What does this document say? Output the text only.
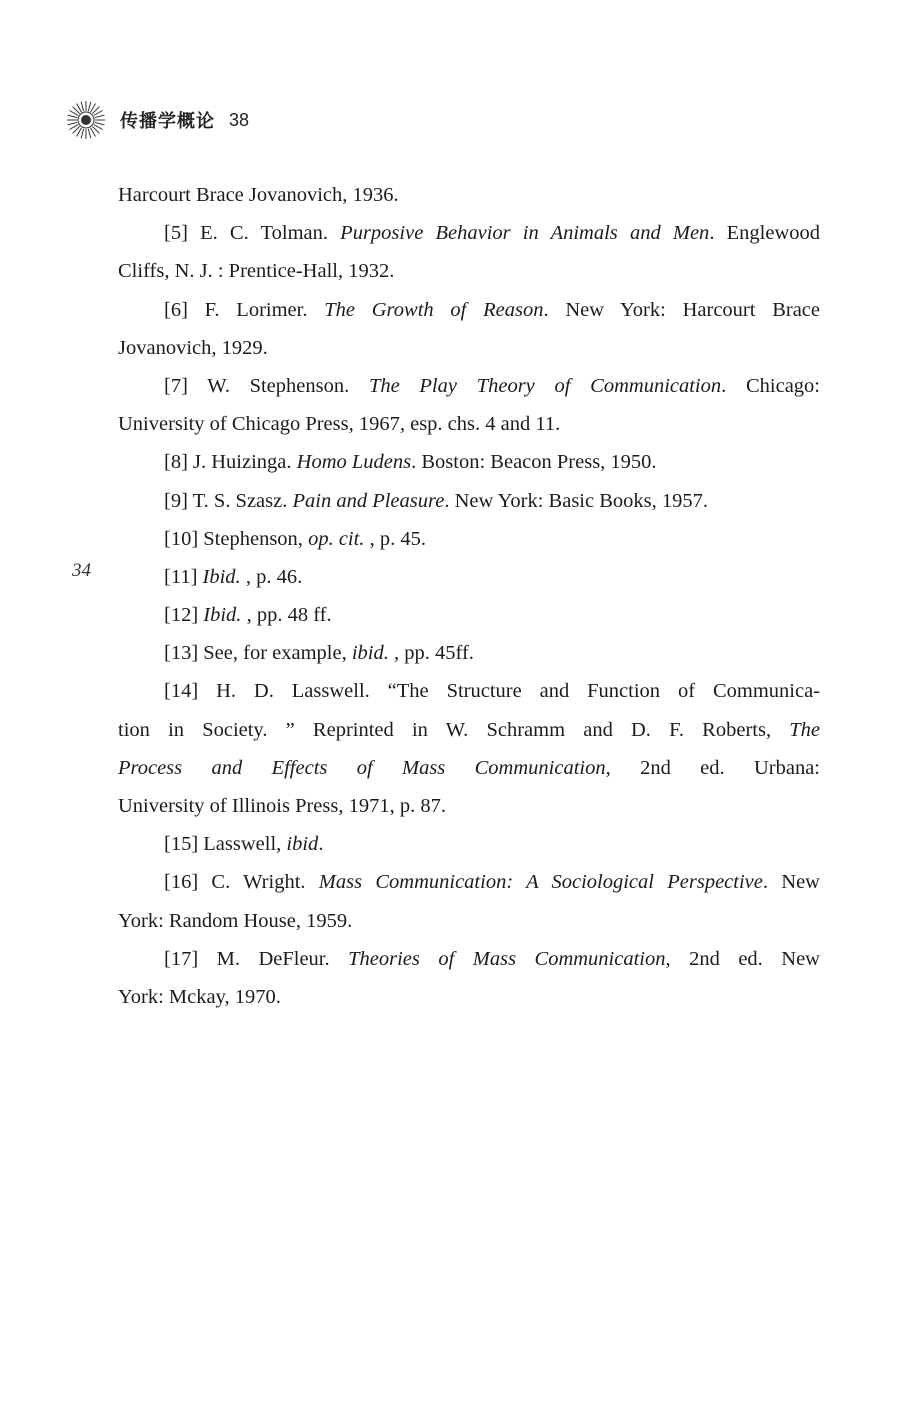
传播学概论 38
34
Harcourt Brace Jovanovich, 1936.
[5] E. C. Tolman. Purposive Behavior in Animals and Men. Englewood
Cliffs, N. J. : Prentice-Hall, 1932.
[6] F. Lorimer. The Growth of Reason. New York: Harcourt Brace
Jovanovich, 1929.
[7] W. Stephenson. The Play Theory of Communication. Chicago:
University of Chicago Press, 1967, esp. chs. 4 and 11.
[8] J. Huizinga. Homo Ludens. Boston: Beacon Press, 1950.
[9] T. S. Szasz. Pain and Pleasure. New York: Basic Books, 1957.
[10] Stephenson, op. cit. , p. 45.
[11] Ibid. , p. 46.
[12] Ibid. , pp. 48 ff.
[13] See, for example, ibid. , pp. 45ff.
[14] H. D. Lasswell. “The Structure and Function of Communica-
tion in Society. ” Reprinted in W. Schramm and D. F. Roberts, The
Process and Effects of Mass Communication, 2nd ed. Urbana:
University of Illinois Press, 1971, p. 87.
[15] Lasswell, ibid.
[16] C. Wright. Mass Communication: A Sociological Perspective. New
York: Random House, 1959.
[17] M. DeFleur. Theories of Mass Communication, 2nd ed. New
York: Mckay, 1970.
